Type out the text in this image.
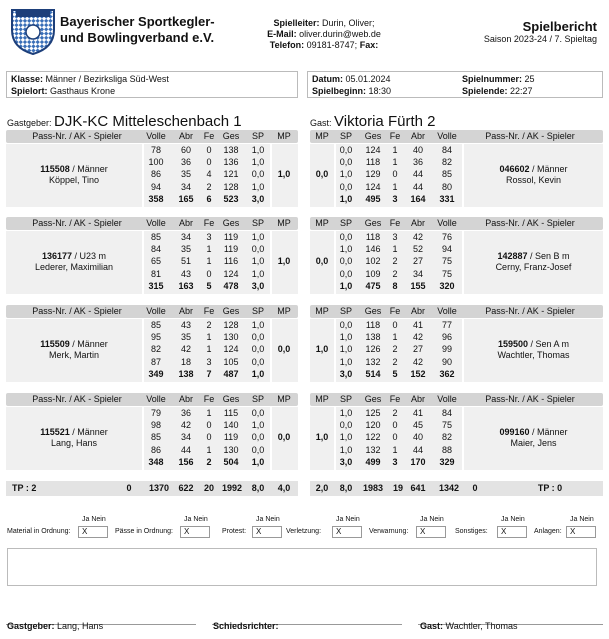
Bayerischer Sportkegler-
und Bowlingverband e.V.
Spielleiter: Durin, Oliver;
E-Mail: oliver.durin@web.de
Telefon: 09181-8747; Fax:
Spielbericht
Saison 2023-24 / 7. Spieltag
Klasse: Männer / Bezirksliga Süd-West
Spielort: Gasthaus Krone
Datum: 05.01.2024
Spielbeginn: 18:30
Spielnummer: 25
Spielende: 22:27
Gastgeber: DJK-KC Mitteleschenbach 1	Gast: Viktoria Fürth 2
Pass-Nr. / AK - Spieler	Volle	Abr	Fe Ges	SP	MP
115508 / Männer
Köppel, Tino
78	60	0	138	1,0
100	36	0	136	1,0
86	35	4	121	0,0
94	34	2	128	1,0
358	165	6	523	3,0
1,0
MP	SP	Ges Fe	Abr	Volle	Pass-Nr. / AK - Spieler
046602 / Männer
Rossol, Kevin
0,0	124	1	40	84
0,0	118	1	36	82
1,0	129	0	44	85
0,0	124	1	44	80
1,0	495	3	164	331
0,0
Pass-Nr. / AK - Spieler	Volle	Abr	Fe Ges	SP	MP
136177 / U23 m
Lederer, Maximilian
85	34	3	119	1,0
84	35	1	119	0,0
65	51	1	116	1,0
81	43	0	124	1,0
315	163	5	478	3,0
1,0
MP	SP	Ges Fe	Abr	Volle	Pass-Nr. / AK - Spieler
142887 / Sen B m
Cerny, Franz-Josef
0,0	118	3	42	76
1,0	146	1	52	94
0,0	102	2	27	75
0,0	109	2	34	75
1,0	475	8	155	320
0,0
Pass-Nr. / AK - Spieler	Volle	Abr	Fe Ges	SP	MP
115509 / Männer
Merk, Martin
85	43	2	128	1,0
95	35	1	130	0,0
82	42	1	124	0,0
87	18	3	105	0,0
349	138	7	487	1,0
0,0
MP	SP	Ges Fe	Abr	Volle	Pass-Nr. / AK - Spieler
159500 / Sen A m
Wachtler, Thomas
0,0	118	0	41	77
1,0	138	1	42	96
1,0	126	2	27	99
1,0	132	2	42	90
3,0	514	5	152	362
1,0
Pass-Nr. / AK - Spieler	Volle	Abr	Fe Ges	SP	MP
115521 / Männer
Lang, Hans
79	36	1	115	0,0
98	42	0	140	1,0
85	34	0	119	0,0
86	44	1	130	0,0
348	156	2	504	1,0
0,0
MP	SP	Ges Fe	Abr	Volle	Pass-Nr. / AK - Spieler
099160 / Männer
Maier, Jens
1,0	125	2	41	84
0,0	120	0	45	75
1,0	122	0	40	82
1,0	132	1	44	88
3,0	499	3	170	329
1,0
TP : 2	0	1370	622	20 1992	8,0	4,0	2,0	8,0	1983	19 641	1342	0	TP : 0
Ja Nein
Material in Ordnung:	X
Ja Nein
Pässe in Ordnung:	X
Ja Nein
Protest:	X
Ja Nein
Verletzung:	X
Ja Nein
Verwarnung:	X
Ja Nein
Sonstiges:	X
Ja Nein
Anlagen:	X
Gastgeber: Lang, Hans	Schiedsrichter:	Gast: Wachtler, Thomas
